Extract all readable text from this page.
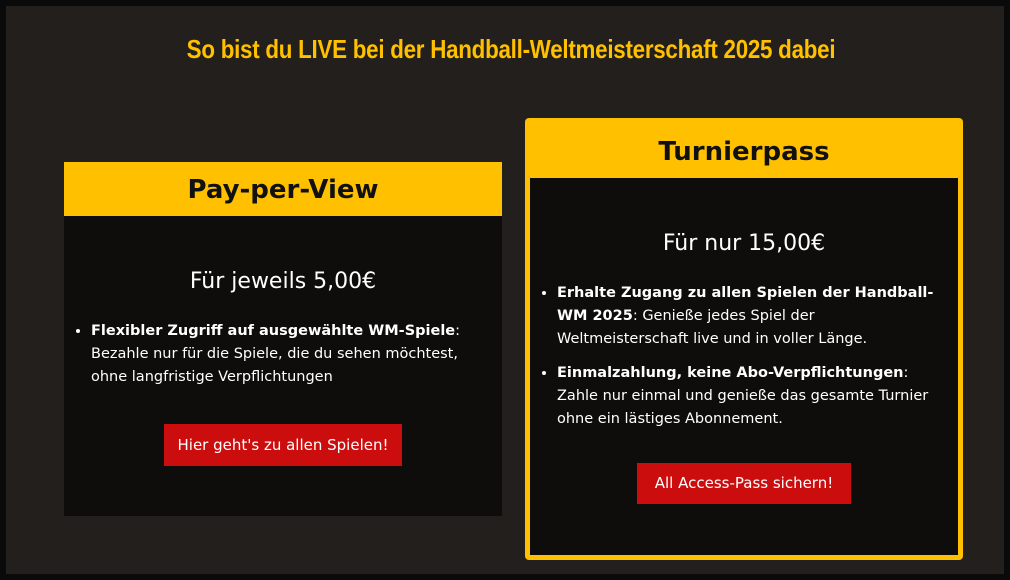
So bist du LIVE bei der Handball-Weltmeisterschaft 2025 dabei
Pay-per-View
Für jeweils 5,00€
• Flexibler Zugriff auf ausgewählte WM-Spiele: Bezahle nur für die Spiele, die du sehen möchtest, ohne langfristige Verpflichtungen
Hier geht's zu allen Spielen!
Turnierpass
Für nur 15,00€
• Erhalte Zugang zu allen Spielen der Handball-WM 2025: Genieße jedes Spiel der Weltmeisterschaft live und in voller Länge.
• Einmalzahlung, keine Abo-Verpflichtungen: Zahle nur einmal und genieße das gesamte Turnier ohne ein lästiges Abonnement.
All Access-Pass sichern!
